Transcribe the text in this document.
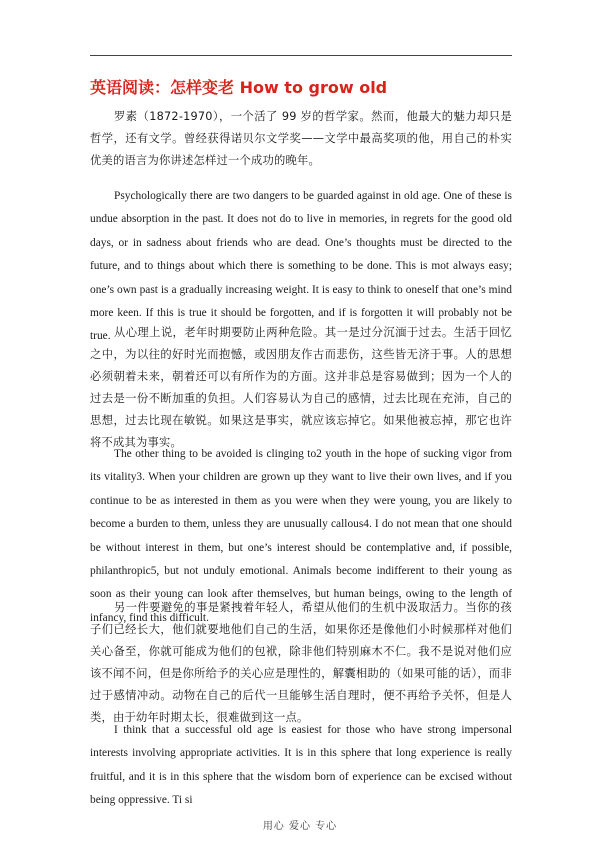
英语阅读：怎样变老 How to grow old

罗素（1872-1970），一个活了 99 岁的哲学家。然而，他最大的魅力却只是哲学，还有文学。曾经获得诺贝尔文学奖——文学中最高奖项的他，用自己的朴实优美的语言为你讲述怎样过一个成功的晚年。

Psychologically there are two dangers to be guarded against in old age. One of these is undue absorption in the past. It does not do to live in memories, in regrets for the good old days, or in sadness about friends who are dead. One’s thoughts must be directed to the future, and to things about which there is something to be done. This is mot always easy; one’s own past is a gradually increasing weight. It is easy to think to oneself that one’s mind more keen. If this is true it should be forgotten, and if is forgotten it will probably not be true. 从心理上说，老年时期要防止两种危险。其一是过分沉湎于过去。生活于回忆之中，为以往的好时光而抱憾，或因朋友作古而悲伤，这些皆无济于事。人的思想必须朝着未来，朝着还可以有所作为的方面。这并非总是容易做到；因为一个人的过去是一份不断加重的负担。人们容易认为自己的感情，过去比现在充沛，自己的思想，过去比现在敏锐。如果这是事实，就应该忘掉它。如果他被忘掉，那它也许将不成其为事实。

The other thing to be avoided is clinging to2 youth in the hope of sucking vigor from its vitality3. When your children are grown up they want to live their own lives, and if you continue to be as interested in them as you were when they were young, you are likely to become a burden to them, unless they are unusually callous4. I do not mean that one should be without interest in them, but one’s interest should be contemplative and, if possible, philanthropic5, but not unduly emotional. Animals become indifferent to their young as soon as their young can look after themselves, but human beings, owing to the length of infancy, find this difficult.

另一件要避免的事是紧拽着年轻人，希望从他们的生机中汲取活力。当你的孩子们已经长大，他们就要地他们自己的生活，如果你还是像他们小时候那样对他们关心备至，你就可能成为他们的包袱，除非他们特别麻木不仁。我不是说对他们应该不闻不问，但是你所给予的关心应是理性的，解囊相助的（如果可能的话），而非过于感情冲动。动物在自己的后代一旦能够生活自理时，便不再给予关怀，但是人类，由于幼年时期太长，很难做到这一点。

I think that a successful old age is easiest for those who have strong impersonal interests involving appropriate activities. It is in this sphere that long experience is really fruitful, and it is in this sphere that the wisdom born of experience can be excised without being oppressive. Ti si

用心 爱心 专心
